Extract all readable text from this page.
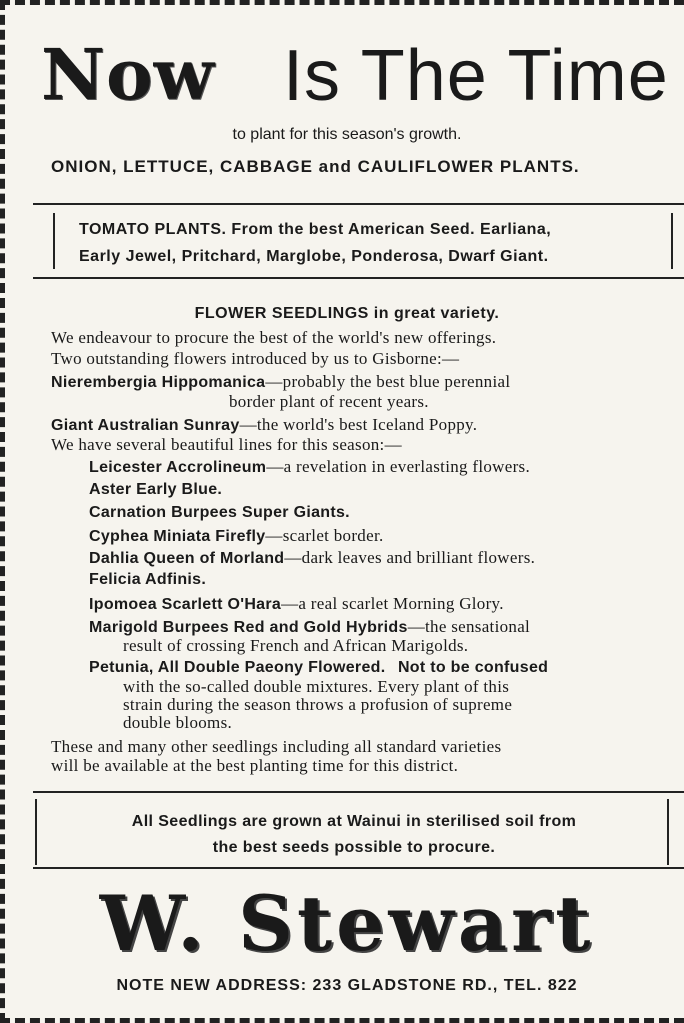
Now Is The Time
to plant for this season's growth.
ONION, LETTUCE, CABBAGE and CAULIFLOWER PLANTS.
TOMATO PLANTS. From the best American Seed. Earliana,
Early Jewel, Pritchard, Marglobe, Ponderosa, Dwarf Giant.
FLOWER SEEDLINGS in great variety.
We endeavour to procure the best of the world's new offerings.
Two outstanding flowers introduced by us to Gisborne:—
Nierembergia Hippomanica—probably the best blue perennial
border plant of recent years.
Giant Australian Sunray—the world's best Iceland Poppy.
We have several beautiful lines for this season:—
Leicester Accrolineum—a revelation in everlasting flowers.
Aster Early Blue.
Carnation Burpees Super Giants.
Cyphea Miniata Firefly—scarlet border.
Dahlia Queen of Morland—dark leaves and brilliant flowers.
Felicia Adfinis.
Ipomoea Scarlett O'Hara—a real scarlet Morning Glory.
Marigold Burpees Red and Gold Hybrids—the sensational
result of crossing French and African Marigolds.
Petunia, All Double Paeony Flowered. Not to be confused
with the so-called double mixtures. Every plant of this
strain during the season throws a profusion of supreme
double blooms.
These and many other seedlings including all standard varieties
will be available at the best planting time for this district.
All Seedlings are grown at Wainui in sterilised soil from
the best seeds possible to procure.
W. Stewart
NOTE NEW ADDRESS: 233 GLADSTONE RD., TEL. 822
